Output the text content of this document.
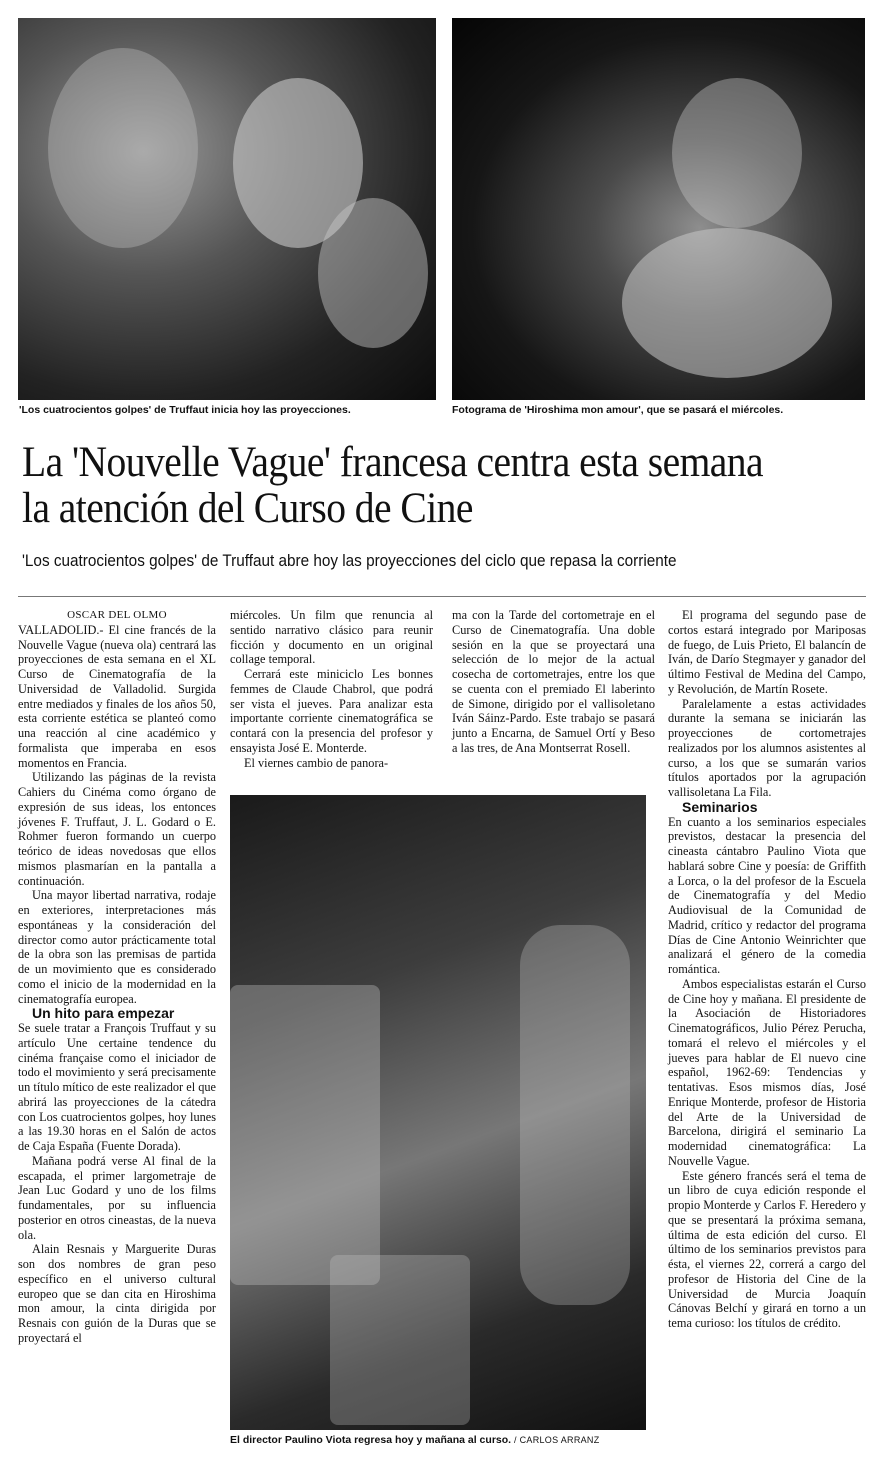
'Los cuatrocientos golpes' de Truffaut inicia hoy las proyecciones.	Fotograma de 'Hiroshima mon amour', que se pasará el miércoles.
La 'Nouvelle Vague' francesa centra esta semana la atención del Curso de Cine
'Los cuatrocientos golpes' de Truffaut abre hoy las proyecciones del ciclo que repasa la corriente

OSCAR DEL OLMO

VALLADOLID.- El cine francés de la Nouvelle Vague (nueva ola) centrará las proyecciones de esta semana en el XL Curso de Cinematografía de la Universidad de Valladolid. Surgida entre mediados y finales de los años 50, esta corriente estética se planteó como una reacción al cine académico y formalista que imperaba en esos momentos en Francia.

Utilizando las páginas de la revista Cahiers du Cinéma como órgano de expresión de sus ideas, los entonces jóvenes F. Truffaut, J. L. Godard o E. Rohmer fueron formando un cuerpo teórico de ideas novedosas que ellos mismos plasmarían en la pantalla a continuación.

Una mayor libertad narrativa, rodaje en exteriores, interpretaciones más espontáneas y la consideración del director como autor prácticamente total de la obra son las premisas de partida de un movimiento que es considerado como el inicio de la modernidad en la cinematografía europea.

Un hito para empezar

Se suele tratar a François Truffaut y su artículo Une certaine tendence du cinéma française como el iniciador de todo el movimiento y será precisamente un título mítico de este realizador el que abrirá las proyecciones de la cátedra con Los cuatrocientos golpes, hoy lunes a las 19.30 horas en el Salón de actos de Caja España (Fuente Dorada).

Mañana podrá verse Al final de la escapada, el primer largometraje de Jean Luc Godard y uno de los films fundamentales, por su influencia posterior en otros cineastas, de la nueva ola.

Alain Resnais y Marguerite Duras son dos nombres de gran peso específico en el universo cultural europeo que se dan cita en Hiroshima mon amour, la cinta dirigida por Resnais con guión de la Duras que se proyectará el

miércoles. Un film que renuncia al sentido narrativo clásico para reunir ficción y documento en un original collage temporal.

Cerrará este miniciclo Les bonnes femmes de Claude Chabrol, que podrá ser vista el jueves. Para analizar esta importante corriente cinematográfica se contará con la presencia del profesor y ensayista José E. Monterde.

El viernes cambio de panora-

ma con la Tarde del cortometraje en el Curso de Cinematografía. Una doble sesión en la que se proyectará una selección de lo mejor de la actual cosecha de cortometrajes, entre los que se cuenta con el premiado El laberinto de Simone, dirigido por el vallisoletano Iván Sáinz-Pardo. Este trabajo se pasará junto a Encarna, de Samuel Ortí y Beso a las tres, de Ana Montserrat Rosell.

El director Paulino Viota regresa hoy y mañana al curso. / CARLOS ARRANZ

El programa del segundo pase de cortos estará integrado por Mariposas de fuego, de Luis Prieto, El balancín de Iván, de Darío Stegmayer y ganador del último Festival de Medina del Campo, y Revolución, de Martín Rosete.

Paralelamente a estas actividades durante la semana se iniciarán las proyecciones de cortometrajes realizados por los alumnos asistentes al curso, a los que se sumarán varios títulos aportados por la agrupación vallisoletana La Fila.

Seminarios

En cuanto a los seminarios especiales previstos, destacar la presencia del cineasta cántabro Paulino Viota que hablará sobre Cine y poesía: de Griffith a Lorca, o la del profesor de la Escuela de Cinematografía y del Medio Audiovisual de la Comunidad de Madrid, crítico y redactor del programa Días de Cine Antonio Weinrichter que analizará el género de la comedia romántica.

Ambos especialistas estarán el Curso de Cine hoy y mañana. El presidente de la Asociación de Historiadores Cinematográficos, Julio Pérez Perucha, tomará el relevo el miércoles y el jueves para hablar de El nuevo cine español, 1962-69: Tendencias y tentativas. Esos mismos días, José Enrique Monterde, profesor de Historia del Arte de la Universidad de Barcelona, dirigirá el seminario La modernidad cinematográfica: La Nouvelle Vague.

Este género francés será el tema de un libro de cuya edición responde el propio Monterde y Carlos F. Heredero y que se presentará la próxima semana, última de esta edición del curso. El último de los seminarios previstos para ésta, el viernes 22, correrá a cargo del profesor de Historia del Cine de la Universidad de Murcia Joaquín Cánovas Belchí y girará en torno a un tema curioso: los títulos de crédito.
